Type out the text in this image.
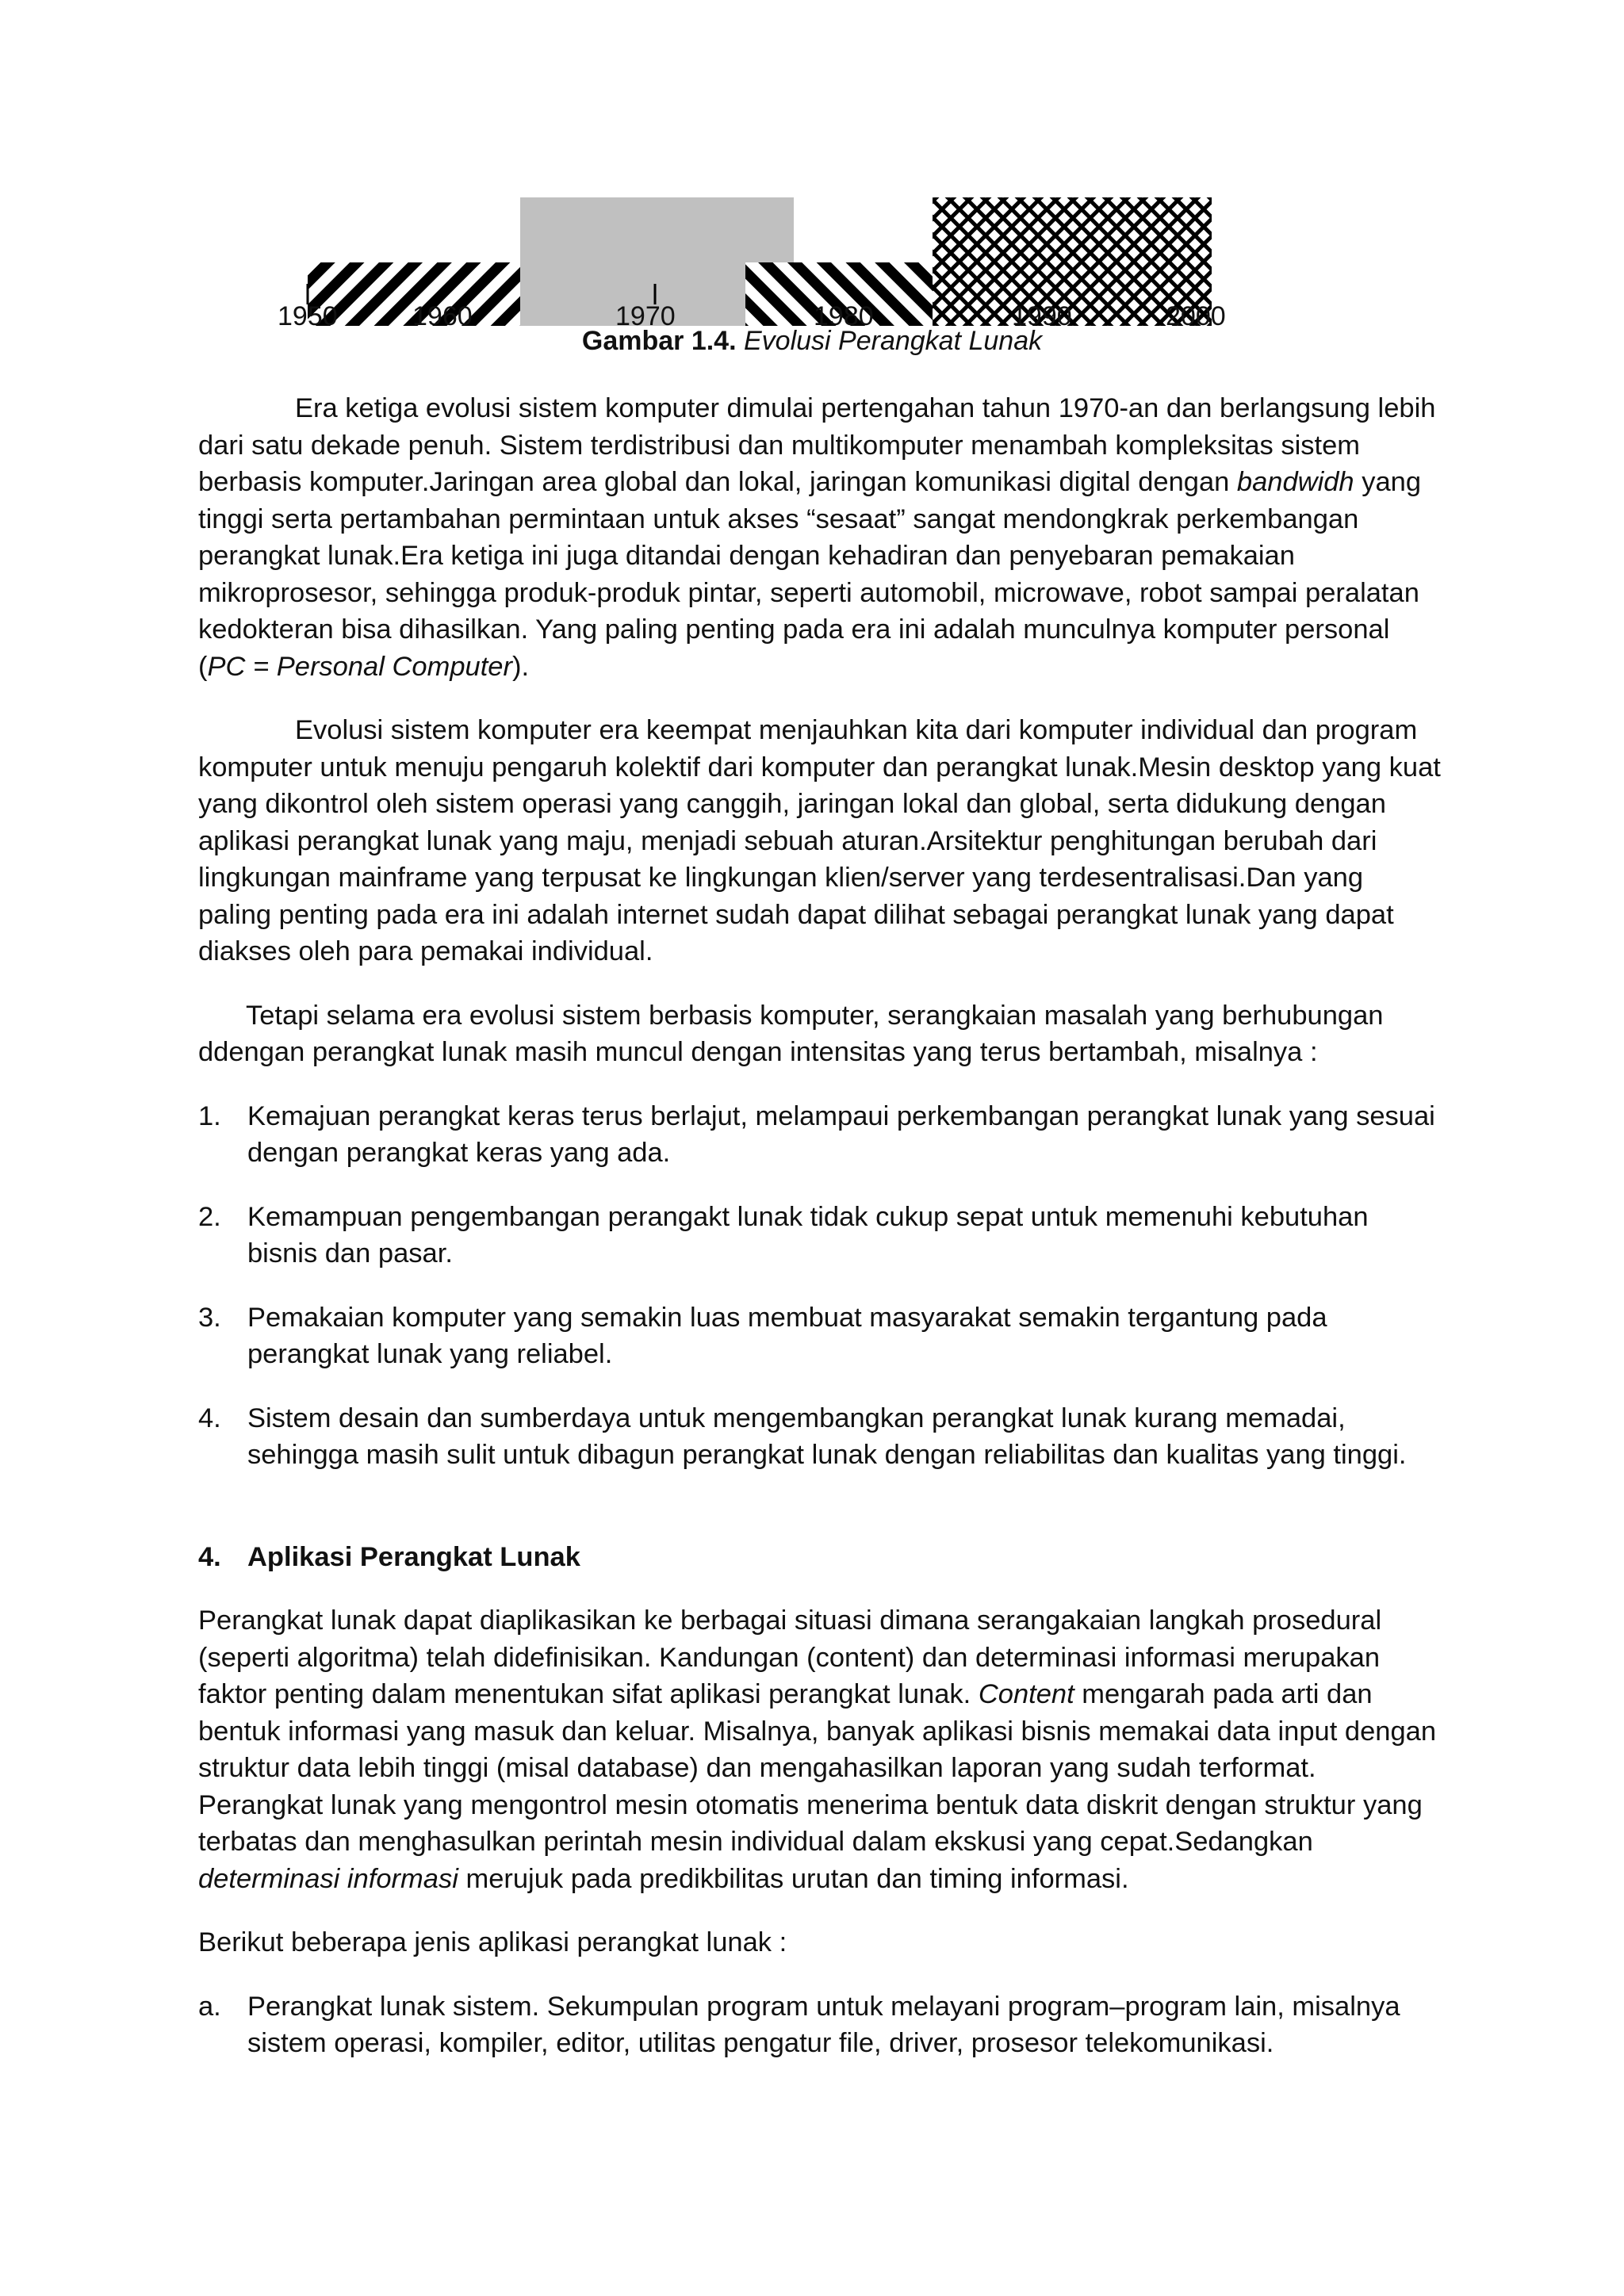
1950	1960	1970	1980	1990	2000
Gambar 1.4. Evolusi Perangkat Lunak

Era ketiga evolusi sistem komputer dimulai pertengahan tahun 1970-an dan berlangsung lebih dari satu dekade penuh. Sistem terdistribusi dan multikomputer menambah kompleksitas sistem berbasis komputer.Jaringan area global dan lokal, jaringan komunikasi digital dengan bandwidh yang tinggi serta pertambahan permintaan untuk akses “sesaat” sangat mendongkrak perkembangan perangkat lunak.Era ketiga ini juga ditandai dengan kehadiran dan penyebaran pemakaian mikroprosesor, sehingga produk-produk pintar, seperti automobil, microwave, robot sampai peralatan kedokteran bisa dihasilkan. Yang paling penting pada era ini adalah munculnya komputer personal (PC = Personal Computer).

Evolusi sistem komputer era keempat menjauhkan kita dari komputer individual dan program komputer untuk menuju pengaruh kolektif dari komputer dan perangkat lunak.Mesin desktop yang kuat yang dikontrol oleh sistem operasi yang canggih, jaringan lokal dan global, serta didukung dengan aplikasi perangkat lunak yang maju, menjadi sebuah aturan.Arsitektur penghitungan berubah dari lingkungan mainframe yang terpusat ke lingkungan klien/server yang terdesentralisasi.Dan yang paling penting pada era ini adalah internet sudah dapat dilihat sebagai perangkat lunak yang dapat diakses oleh para pemakai individual.

Tetapi selama era evolusi sistem berbasis komputer, serangkaian masalah yang berhubungan ddengan perangkat lunak masih muncul dengan intensitas yang terus bertambah, misalnya :

1. Kemajuan perangkat keras terus berlajut, melampaui perkembangan perangkat lunak yang sesuai dengan perangkat keras yang ada.
2. Kemampuan pengembangan perangakt lunak tidak cukup sepat untuk memenuhi kebutuhan bisnis dan pasar.
3. Pemakaian komputer yang semakin luas membuat masyarakat semakin tergantung pada perangkat lunak yang reliabel.
4. Sistem desain dan sumberdaya untuk mengembangkan perangkat lunak kurang memadai, sehingga masih sulit untuk dibagun perangkat lunak dengan reliabilitas dan kualitas yang tinggi.

4. Aplikasi Perangkat Lunak

Perangkat lunak dapat diaplikasikan ke berbagai situasi dimana serangakaian langkah prosedural (seperti algoritma) telah didefinisikan. Kandungan (content) dan determinasi informasi merupakan faktor penting dalam menentukan sifat aplikasi perangkat lunak. Content mengarah pada arti dan bentuk informasi yang masuk dan keluar. Misalnya, banyak aplikasi bisnis memakai data input dengan struktur data lebih tinggi (misal database) dan mengahasilkan laporan yang sudah terformat. Perangkat lunak yang mengontrol mesin otomatis menerima bentuk data diskrit dengan struktur yang terbatas dan menghasulkan perintah mesin individual dalam ekskusi yang cepat.Sedangkan determinasi informasi merujuk pada predikbilitas urutan dan timing informasi.

Berikut beberapa jenis aplikasi perangkat lunak :

a. Perangkat lunak sistem. Sekumpulan program untuk melayani program–program lain, misalnya sistem operasi, kompiler, editor, utilitas pengatur file, driver, prosesor telekomunikasi.
